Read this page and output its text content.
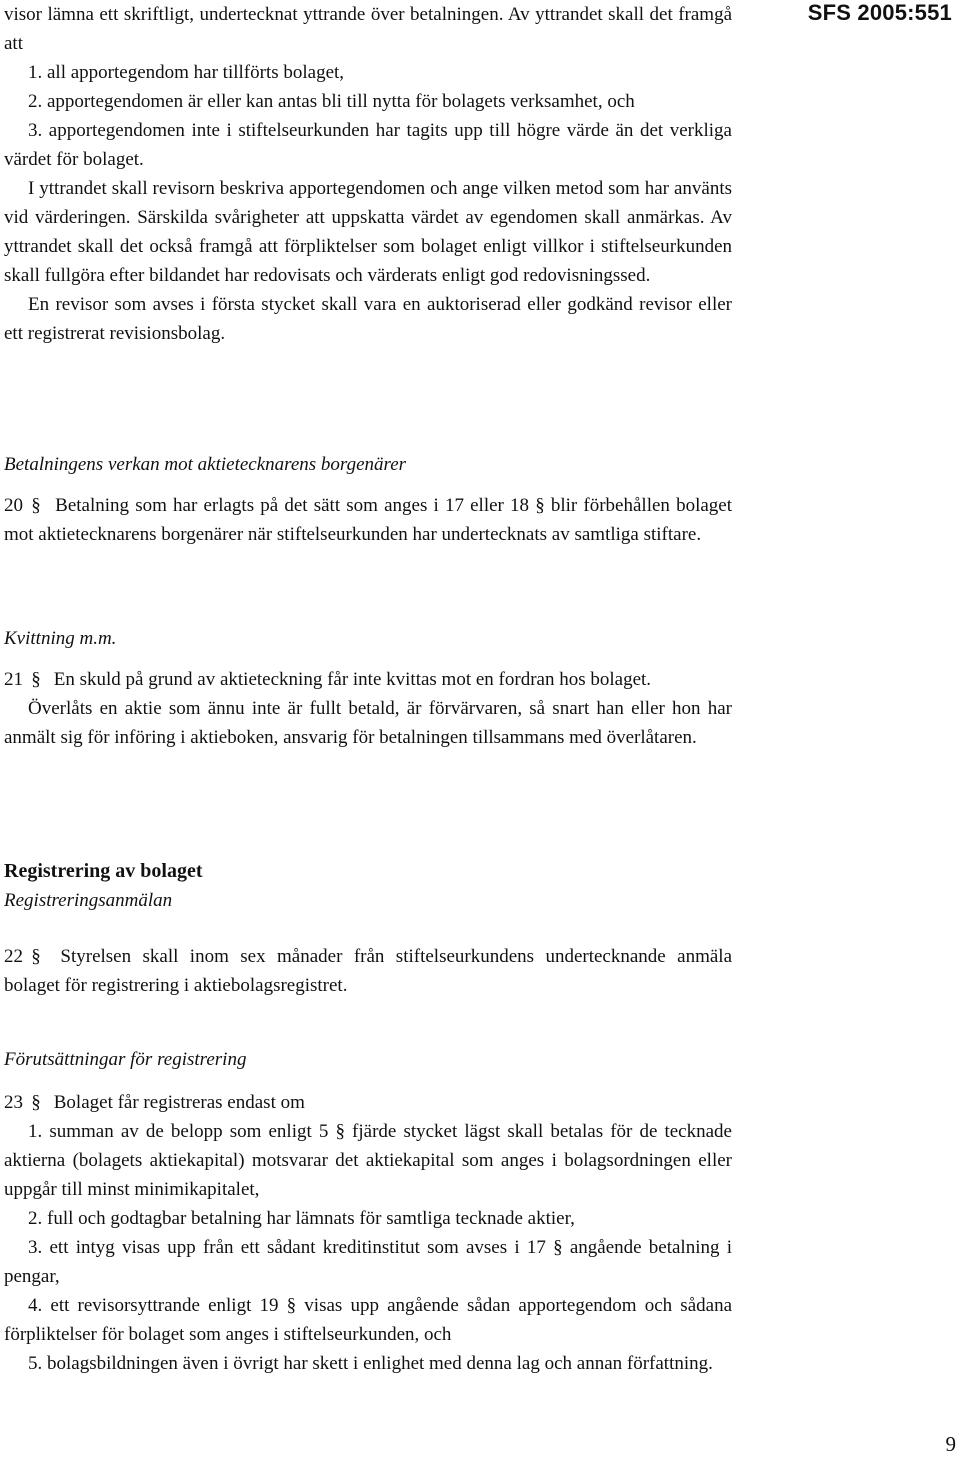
SFS 2005:551

visor lämna ett skriftligt, undertecknat yttrande över betalningen. Av yttrandet skall det framgå att

1. all apportegendom har tillförts bolaget,

2. apportegendomen är eller kan antas bli till nytta för bolagets verksamhet, och

3. apportegendomen inte i stiftelseurkunden har tagits upp till högre värde än det verkliga värdet för bolaget.

I yttrandet skall revisorn beskriva apportegendomen och ange vilken metod som har använts vid värderingen. Särskilda svårigheter att uppskatta värdet av egendomen skall anmärkas. Av yttrandet skall det också framgå att förpliktelser som bolaget enligt villkor i stiftelseurkunden skall fullgöra efter bildandet har redovisats och värderats enligt god redovisningssed.

En revisor som avses i första stycket skall vara en auktoriserad eller godkänd revisor eller ett registrerat revisionsbolag.

Betalningens verkan mot aktietecknarens borgenärer

20 § Betalning som har erlagts på det sätt som anges i 17 eller 18 § blir förbehållen bolaget mot aktietecknarens borgenärer när stiftelseurkunden har undertecknats av samtliga stiftare.

Kvittning m.m.

21 § En skuld på grund av aktieteckning får inte kvittas mot en fordran hos bolaget.

Överlåts en aktie som ännu inte är fullt betald, är förvärvaren, så snart han eller hon har anmält sig för införing i aktieboken, ansvarig för betalningen tillsammans med överlåtaren.

Registrering av bolaget

Registreringsanmälan

22 § Styrelsen skall inom sex månader från stiftelseurkundens undertecknande anmäla bolaget för registrering i aktiebolagsregistret.

Förutsättningar för registrering

23 § Bolaget får registreras endast om

1. summan av de belopp som enligt 5 § fjärde stycket lägst skall betalas för de tecknade aktierna (bolagets aktiekapital) motsvarar det aktiekapital som anges i bolagsordningen eller uppgår till minst minimikapitalet,

2. full och godtagbar betalning har lämnats för samtliga tecknade aktier,

3. ett intyg visas upp från ett sådant kreditinstitut som avses i 17 § angående betalning i pengar,

4. ett revisorsyttrande enligt 19 § visas upp angående sådan apportegendom och sådana förpliktelser för bolaget som anges i stiftelseurkunden, och

5. bolagsbildningen även i övrigt har skett i enlighet med denna lag och annan författning.

9
